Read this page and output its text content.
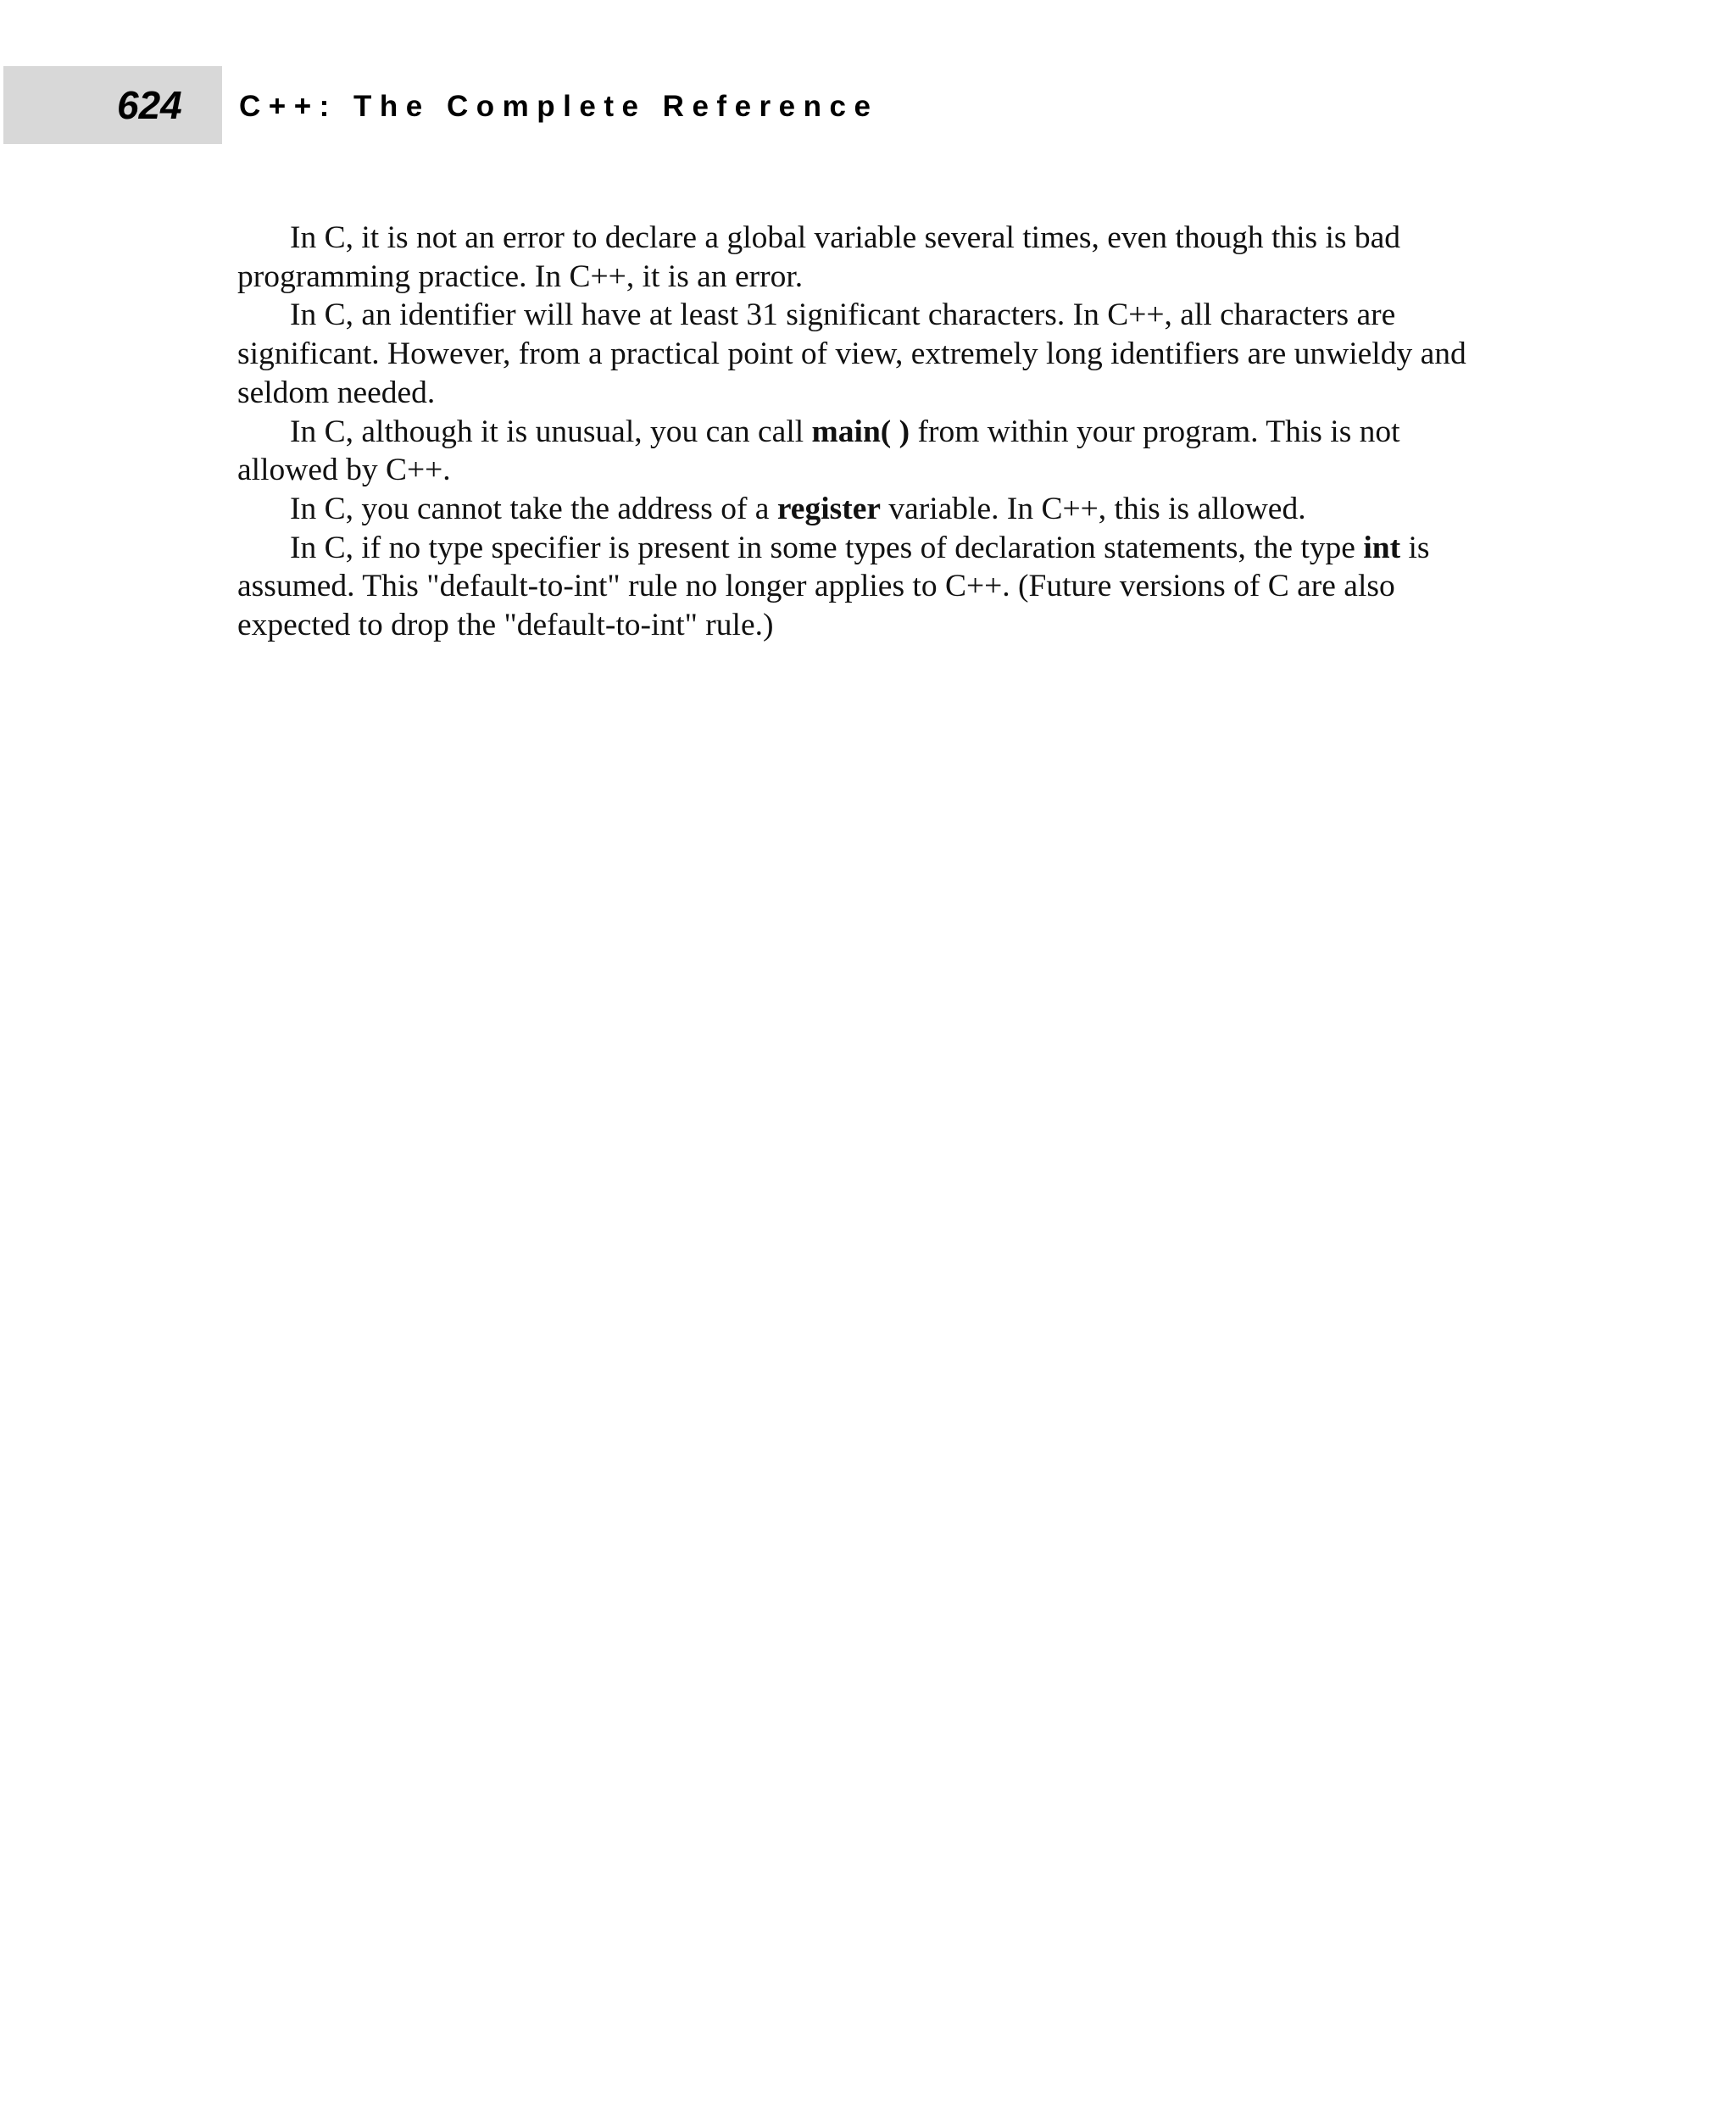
624 C++: The Complete Reference

In C, it is not an error to declare a global variable several times, even though this is bad programming practice. In C++, it is an error.

In C, an identifier will have at least 31 significant characters. In C++, all characters are significant. However, from a practical point of view, extremely long identifiers are unwieldy and seldom needed.

In C, although it is unusual, you can call main( ) from within your program. This is not allowed by C++.

In C, you cannot take the address of a register variable. In C++, this is allowed.

In C, if no type specifier is present in some types of declaration statements, the type int is assumed. This "default-to-int" rule no longer applies to C++. (Future versions of C are also expected to drop the "default-to-int" rule.)
